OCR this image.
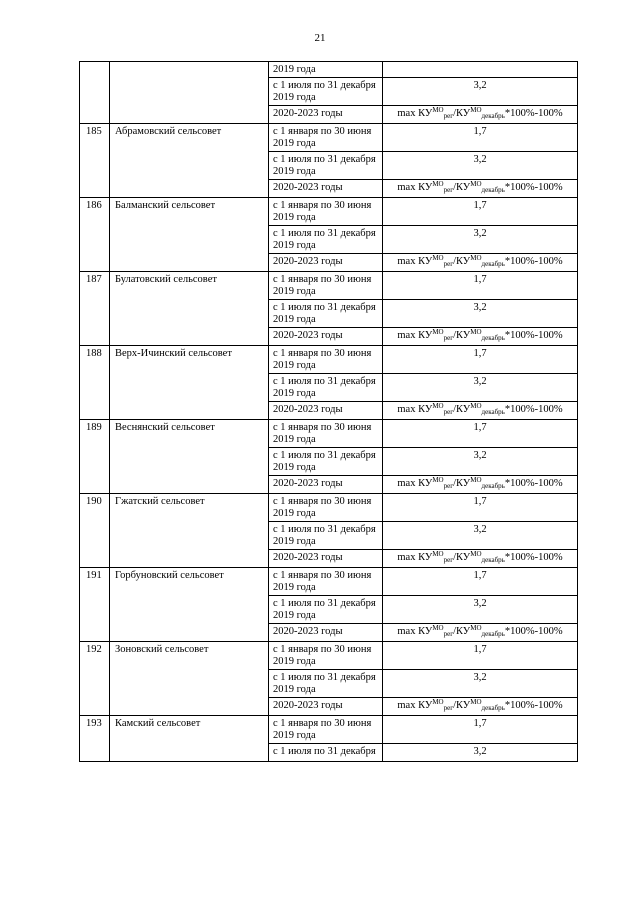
21
		2019 года	
		с 1 июля по 31 декабря 2019 года	3,2
		2020-2023 годы	$\max КУ^{МО}_{рег}/КУ^{МО}_{декабрь}*100\%-100\%$
185	Абрамовский сельсовет	с 1 января по 30 июня 2019 года	1,7
		с 1 июля по 31 декабря 2019 года	3,2
		2020-2023 годы	$\max КУ^{МО}_{рег}/КУ^{МО}_{декабрь}*100\%-100\%$
186	Балманский сельсовет	с 1 января по 30 июня 2019 года	1,7
		с 1 июля по 31 декабря 2019 года	3,2
		2020-2023 годы	$\max КУ^{МО}_{рег}/КУ^{МО}_{декабрь}*100\%-100\%$
187	Булатовский сельсовет	с 1 января по 30 июня 2019 года	1,7
		с 1 июля по 31 декабря 2019 года	3,2
		2020-2023 годы	$\max КУ^{МО}_{рег}/КУ^{МО}_{декабрь}*100\%-100\%$
188	Верх-Ичинский сельсовет	с 1 января по 30 июня 2019 года	1,7
		с 1 июля по 31 декабря 2019 года	3,2
		2020-2023 годы	$\max КУ^{МО}_{рег}/КУ^{МО}_{декабрь}*100\%-100\%$
189	Веснянский сельсовет	с 1 января по 30 июня 2019 года	1,7
		с 1 июля по 31 декабря 2019 года	3,2
		2020-2023 годы	$\max КУ^{МО}_{рег}/КУ^{МО}_{декабрь}*100\%-100\%$
190	Гжатский сельсовет	с 1 января по 30 июня 2019 года	1,7
		с 1 июля по 31 декабря 2019 года	3,2
		2020-2023 годы	$\max КУ^{МО}_{рег}/КУ^{МО}_{декабрь}*100\%-100\%$
191	Горбуновский сельсовет	с 1 января по 30 июня 2019 года	1,7
		с 1 июля по 31 декабря 2019 года	3,2
		2020-2023 годы	$\max КУ^{МО}_{рег}/КУ^{МО}_{декабрь}*100\%-100\%$
192	Зоновский сельсовет	с 1 января по 30 июня 2019 года	1,7
		с 1 июля по 31 декабря 2019 года	3,2
		2020-2023 годы	$\max КУ^{МО}_{рег}/КУ^{МО}_{декабрь}*100\%-100\%$
193	Камский сельсовет	с 1 января по 30 июня 2019 года	1,7
		с 1 июля по 31 декабря	3,2
